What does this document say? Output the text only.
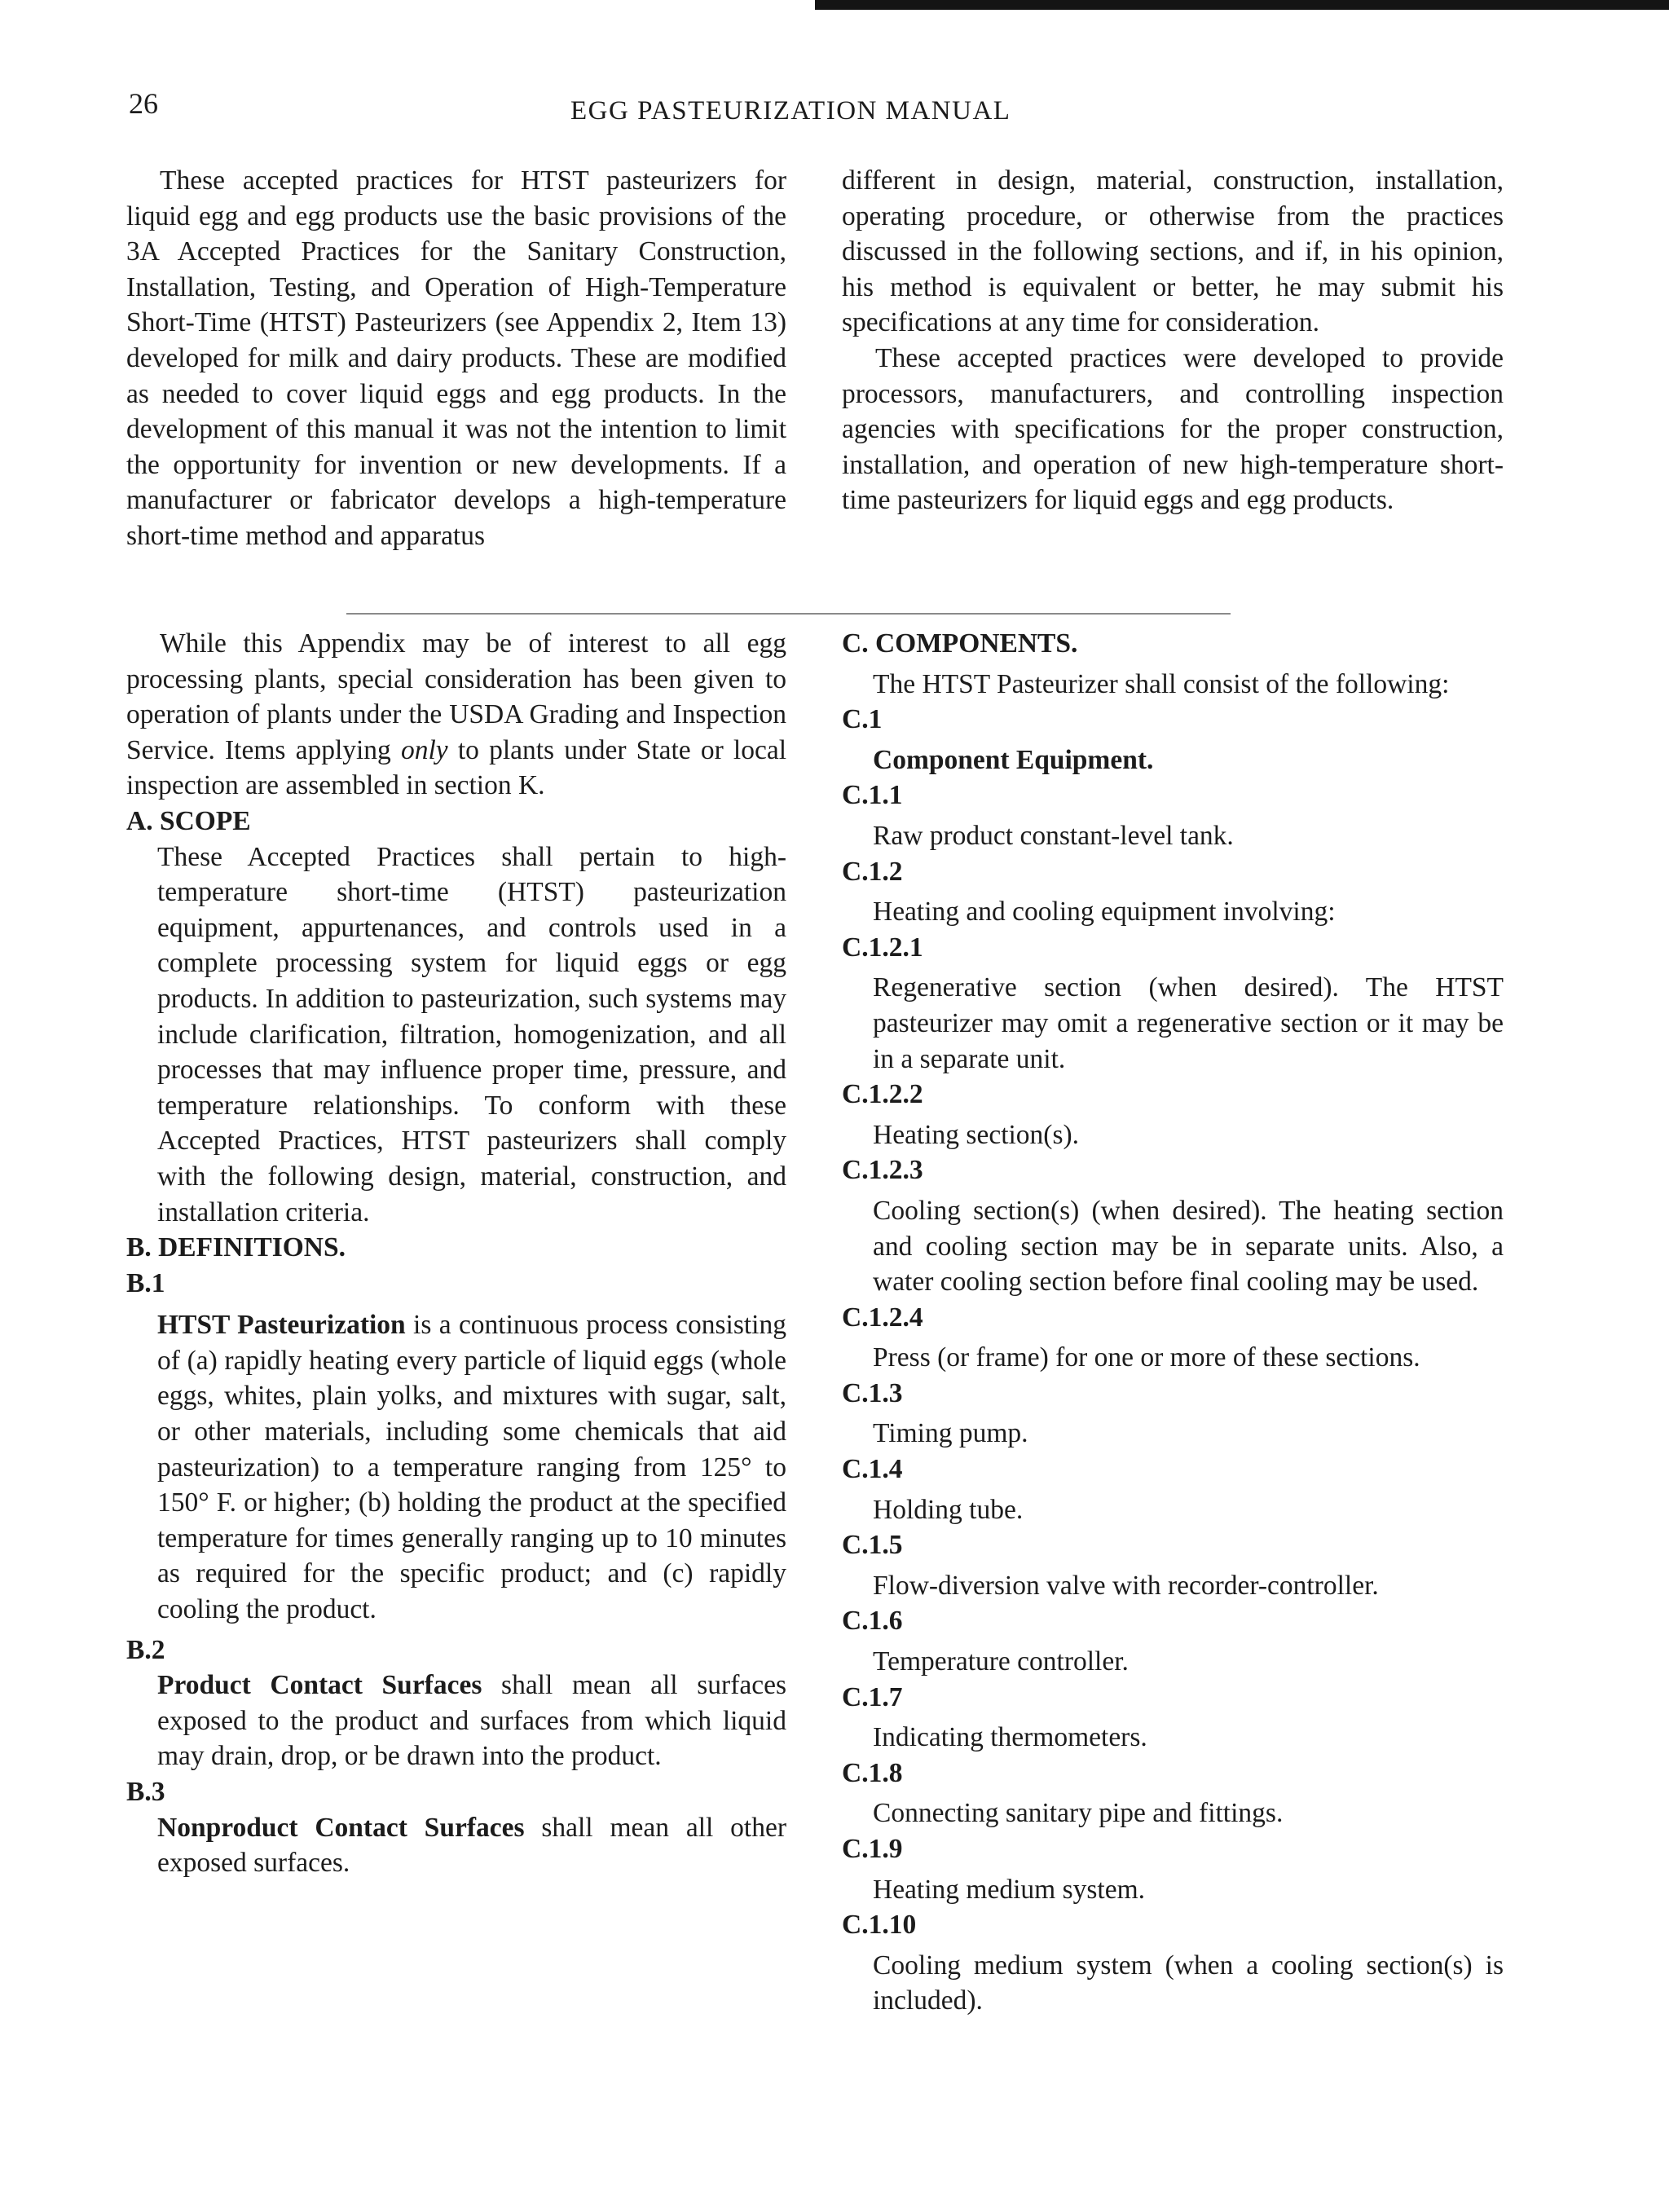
26	EGG PASTEURIZATION MANUAL

These accepted practices for HTST pasteurizers for liquid egg and egg products use the basic provisions of the 3A Accepted Practices for the Sanitary Construction, Installation, Testing, and Operation of High-Temperature Short-Time (HTST) Pasteurizers (see Appendix 2, Item 13) developed for milk and dairy products. These are modified as needed to cover liquid eggs and egg products. In the development of this manual it was not the intention to limit the opportunity for invention or new developments. If a manufacturer or fabricator develops a high-temperature short-time method and apparatus

different in design, material, construction, installation, operating procedure, or otherwise from the practices discussed in the following sections, and if, in his opinion, his method is equivalent or better, he may submit his specifications at any time for consideration.

These accepted practices were developed to provide processors, manufacturers, and controlling inspection agencies with specifications for the proper construction, installation, and operation of new high-temperature short-time pasteurizers for liquid eggs and egg products.

While this Appendix may be of interest to all egg processing plants, special consideration has been given to operation of plants under the USDA Grading and Inspection Service. Items applying only to plants under State or local inspection are assembled in section K.

A. SCOPE

These Accepted Practices shall pertain to high-temperature short-time (HTST) pasteurization equipment, appurtenances, and controls used in a complete processing system for liquid eggs or egg products. In addition to pasteurization, such systems may include clarification, filtration, homogenization, and all processes that may influence proper time, pressure, and temperature relationships. To conform with these Accepted Practices, HTST pasteurizers shall comply with the following design, material, construction, and installation criteria.

B. DEFINITIONS.

B.1

HTST Pasteurization is a continuous process consisting of (a) rapidly heating every particle of liquid eggs (whole eggs, whites, plain yolks, and mixtures with sugar, salt, or other materials, including some chemicals that aid pasteurization) to a temperature ranging from 125° to 150° F. or higher; (b) holding the product at the specified temperature for times generally ranging up to 10 minutes as required for the specific product; and (c) rapidly cooling the product.

B.2

Product Contact Surfaces shall mean all surfaces exposed to the product and surfaces from which liquid may drain, drop, or be drawn into the product.

B.3

Nonproduct Contact Surfaces shall mean all other exposed surfaces.

C. COMPONENTS.

The HTST Pasteurizer shall consist of the following:

C.1

Component Equipment.

C.1.1

Raw product constant-level tank.

C.1.2

Heating and cooling equipment involving:

C.1.2.1

Regenerative section (when desired). The HTST pasteurizer may omit a regenerative section or it may be in a separate unit.

C.1.2.2

Heating section(s).

C.1.2.3

Cooling section(s) (when desired). The heating section and cooling section may be in separate units. Also, a water cooling section before final cooling may be used.

C.1.2.4

Press (or frame) for one or more of these sections.

C.1.3

Timing pump.

C.1.4

Holding tube.

C.1.5

Flow-diversion valve with recorder-controller.

C.1.6

Temperature controller.

C.1.7

Indicating thermometers.

C.1.8

Connecting sanitary pipe and fittings.

C.1.9

Heating medium system.

C.1.10

Cooling medium system (when a cooling section(s) is included).
